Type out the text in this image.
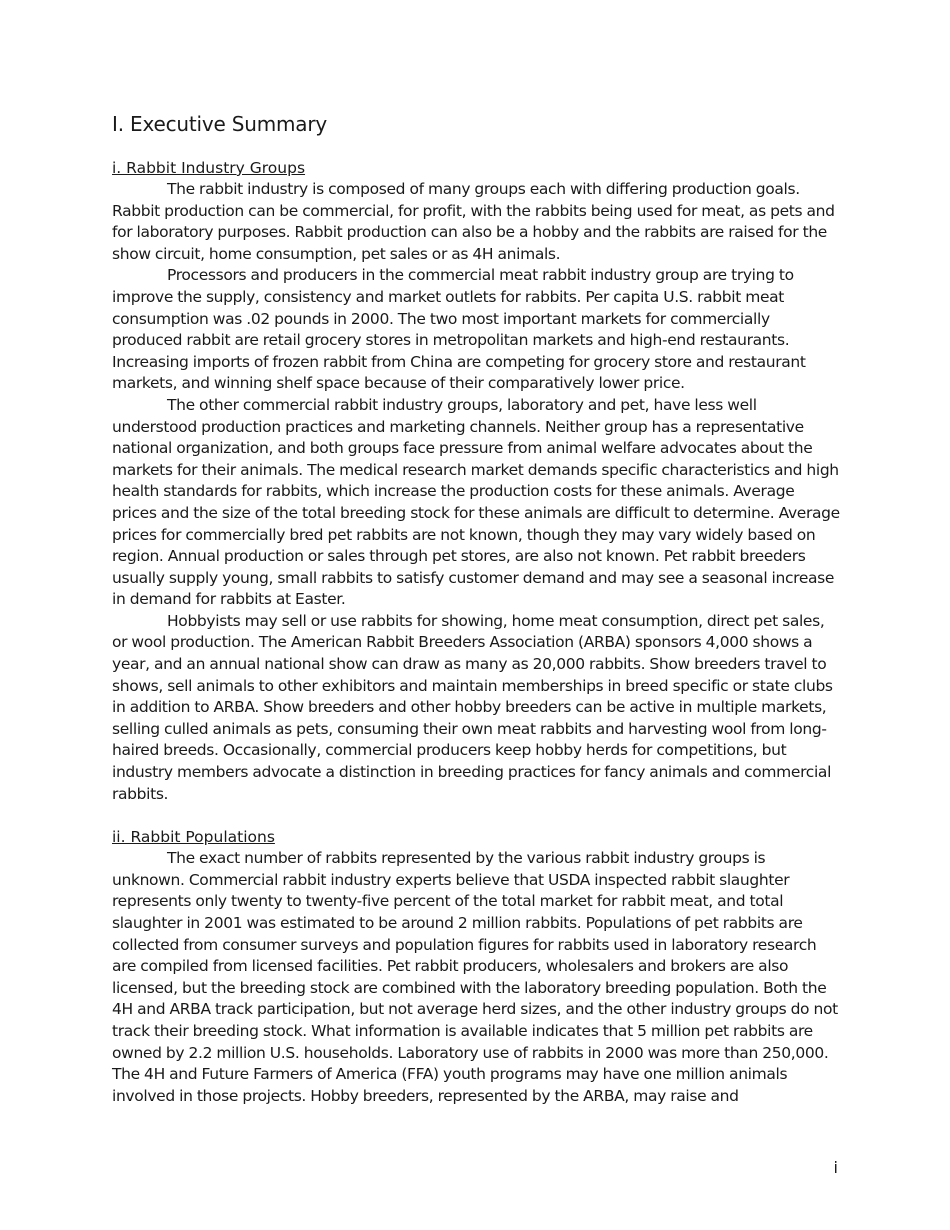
I. Executive Summary
i. Rabbit Industry Groups

The rabbit industry is composed of many groups each with differing production goals. Rabbit production can be commercial, for profit, with the rabbits being used for meat, as pets and for laboratory purposes. Rabbit production can also be a hobby and the rabbits are raised for the show circuit, home consumption, pet sales or as 4H animals.

Processors and producers in the commercial meat rabbit industry group are trying to improve the supply, consistency and market outlets for rabbits. Per capita U.S. rabbit meat consumption was .02 pounds in 2000. The two most important markets for commercially produced rabbit are retail grocery stores in metropolitan markets and high-end restaurants. Increasing imports of frozen rabbit from China are competing for grocery store and restaurant markets, and winning shelf space because of their comparatively lower price.

The other commercial rabbit industry groups, laboratory and pet, have less well understood production practices and marketing channels. Neither group has a representative national organization, and both groups face pressure from animal welfare advocates about the markets for their animals. The medical research market demands specific characteristics and high health standards for rabbits, which increase the production costs for these animals. Average prices and the size of the total breeding stock for these animals are difficult to determine. Average prices for commercially bred pet rabbits are not known, though they may vary widely based on region. Annual production or sales through pet stores, are also not known. Pet rabbit breeders usually supply young, small rabbits to satisfy customer demand and may see a seasonal increase in demand for rabbits at Easter.

Hobbyists may sell or use rabbits for showing, home meat consumption, direct pet sales, or wool production. The American Rabbit Breeders Association (ARBA) sponsors 4,000 shows a year, and an annual national show can draw as many as 20,000 rabbits. Show breeders travel to shows, sell animals to other exhibitors and maintain memberships in breed specific or state clubs in addition to ARBA. Show breeders and other hobby breeders can be active in multiple markets, selling culled animals as pets, consuming their own meat rabbits and harvesting wool from long-haired breeds. Occasionally, commercial producers keep hobby herds for competitions, but industry members advocate a distinction in breeding practices for fancy animals and commercial rabbits.

ii. Rabbit Populations

The exact number of rabbits represented by the various rabbit industry groups is unknown. Commercial rabbit industry experts believe that USDA inspected rabbit slaughter represents only twenty to twenty-five percent of the total market for rabbit meat, and total slaughter in 2001 was estimated to be around 2 million rabbits. Populations of pet rabbits are collected from consumer surveys and population figures for rabbits used in laboratory research are compiled from licensed facilities. Pet rabbit producers, wholesalers and brokers are also licensed, but the breeding stock are combined with the laboratory breeding population. Both the 4H and ARBA track participation, but not average herd sizes, and the other industry groups do not track their breeding stock. What information is available indicates that 5 million pet rabbits are owned by 2.2 million U.S. households. Laboratory use of rabbits in 2000 was more than 250,000. The 4H and Future Farmers of America (FFA) youth programs may have one million animals involved in those projects. Hobby breeders, represented by the ARBA, may raise and

i
